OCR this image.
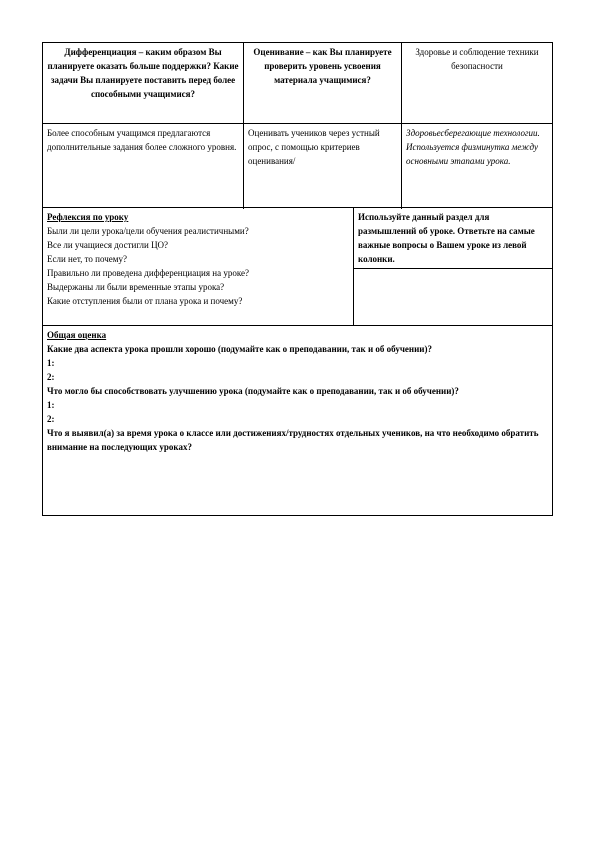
Дифференциация – каким образом Вы планируете оказать больше поддержки? Какие задачи Вы планируете поставить перед более способными учащимися?
Оценивание – как Вы планируете проверить уровень усвоения материала учащимися?
Здоровье и соблюдение техники безопасности
Более способным учащимся предлагаются дополнительные задания более сложного уровня.
Оценивать учеников через устный опрос, с помощью критериев оценивания/
Здоровьесберегающие технологии. Используется физминутка между основными этапами урока.
Рефлексия по уроку
Были ли цели урока/цели обучения реалистичными?
Все ли учащиеся достигли ЦО?
Если нет, то почему?
Правильно ли проведена дифференциация на уроке?
Выдержаны ли были временные этапы урока?
Какие отступления были от плана урока и почему?
Используйте данный раздел для размышлений об уроке. Ответьте на самые важные вопросы о Вашем уроке из левой колонки.
Общая оценка
Какие два аспекта урока прошли хорошо (подумайте как о преподавании, так и об обучении)?
1:
2:
Что могло бы способствовать улучшению урока (подумайте как о преподавании, так и об обучении)?
1:
2:
Что я выявил(а) за время урока о классе или достижениях/трудностях отдельных учеников, на что необходимо обратить внимание на последующих уроках?
